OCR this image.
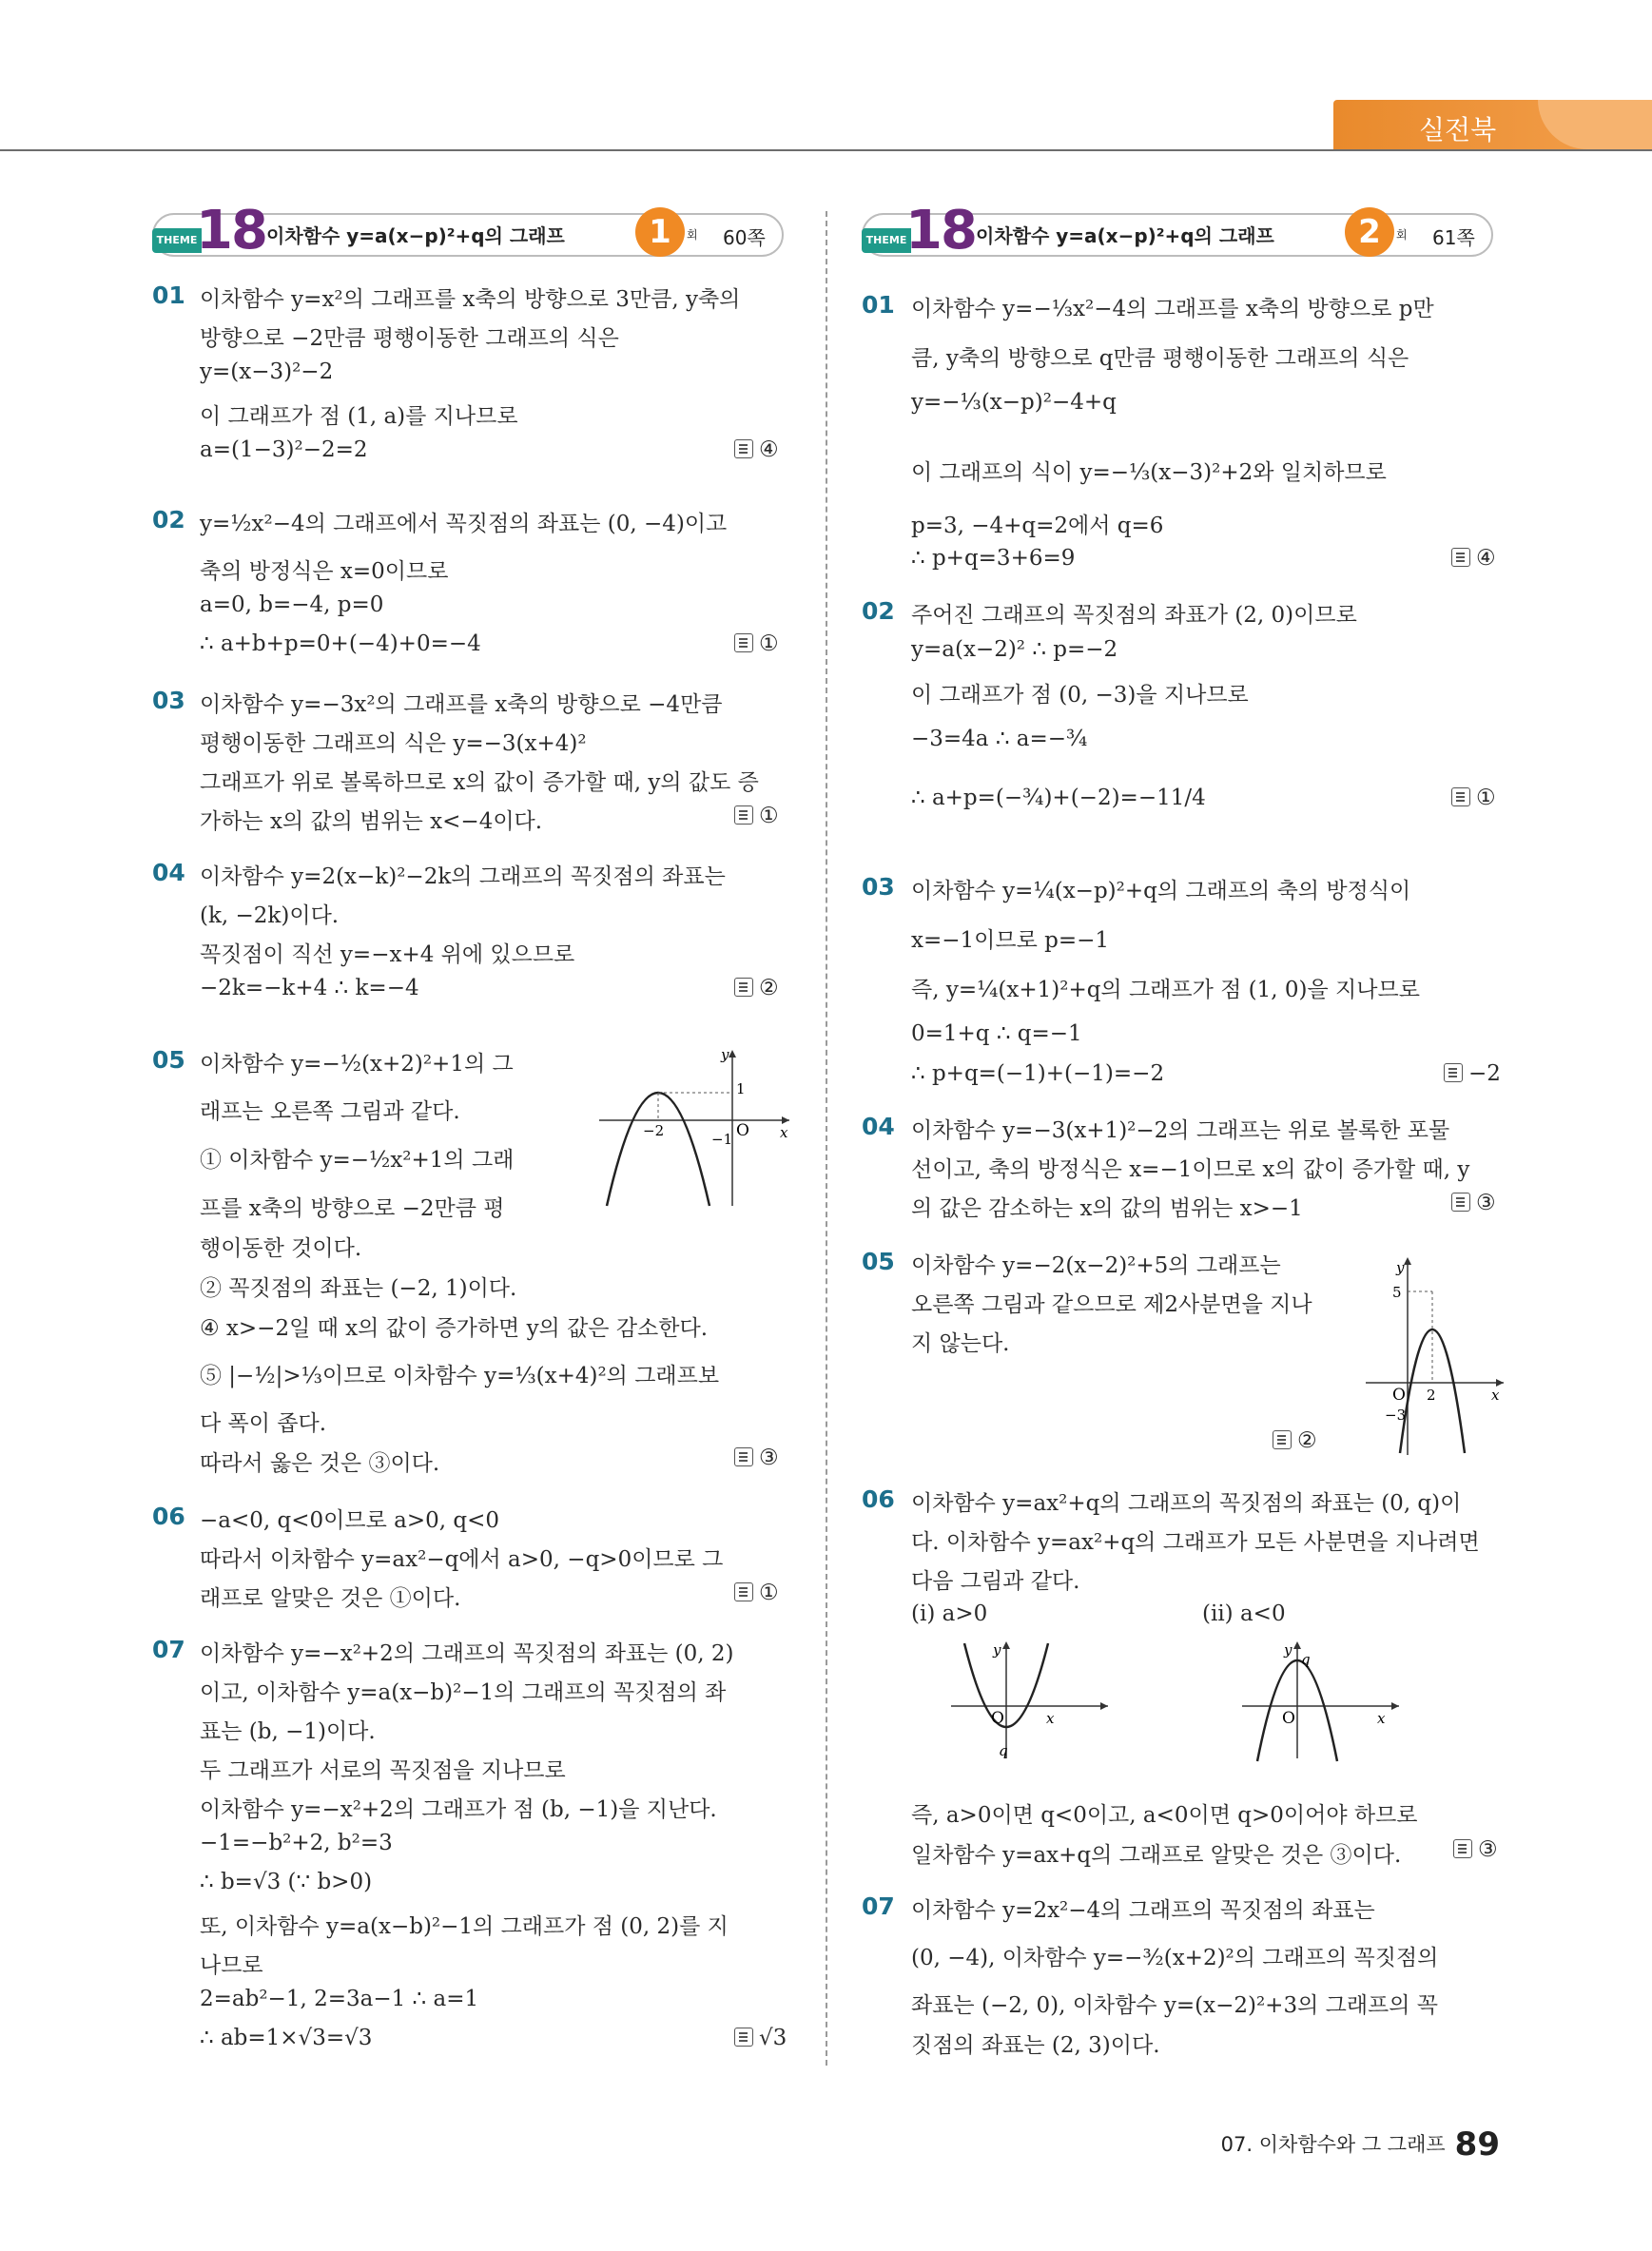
실전북
THEME
18 이차함수 y=a(x−p)²+q의 그래프	1	회 60쪽	THEME
18 이차함수 y=a(x−p)²+q의 그래프	2	회 61쪽
01 이차함수 y=x²의 그래프를 x축의 방향으로 3만큼, y축의
방향으로 −2만큼 평행이동한 그래프의 식은
y=(x−3)²−2
이 그래프가 점 (1, a)를 지나므로
a=(1−3)²−2=2	④
02 y=½x²−4의 그래프에서 꼭짓점의 좌표는 (0, −4)이고
축의 방정식은 x=0이므로
a=0, b=−4, p=0
∴ a+b+p=0+(−4)+0=−4	①
03 이차함수 y=−3x²의 그래프를 x축의 방향으로 −4만큼
평행이동한 그래프의 식은 y=−3(x+4)²
그래프가 위로 볼록하므로 x의 값이 증가할 때, y의 값도 증
가하는 x의 값의 범위는 x<−4이다.	①
04 이차함수 y=2(x−k)²−2k의 그래프의 꼭짓점의 좌표는
(k, −2k)이다.
꼭짓점이 직선 y=−x+4 위에 있으므로
−2k=−k+4 ∴ k=−4	②
05 이차함수 y=−½(x+2)²+1의 그
래프는 오른쪽 그림과 같다.
① 이차함수 y=−½x²+1의 그래
프를 x축의 방향으로 −2만큼 평
행이동한 것이다.
② 꼭짓점의 좌표는 (−2, 1)이다.
④ x>−2일 때 x의 값이 증가하면 y의 값은 감소한다.
⑤ |−½|>⅓이므로 이차함수 y=⅓(x+4)²의 그래프보
다 폭이 좁다.
따라서 옳은 것은 ③이다.	③
y
1
O x
−2	−1
06 −a<0, q<0이므로 a>0, q<0
따라서 이차함수 y=ax²−q에서 a>0, −q>0이므로 그
래프로 알맞은 것은 ①이다.	①
07 이차함수 y=−x²+2의 그래프의 꼭짓점의 좌표는 (0, 2)
이고, 이차함수 y=a(x−b)²−1의 그래프의 꼭짓점의 좌
표는 (b, −1)이다.
두 그래프가 서로의 꼭짓점을 지나므로
이차함수 y=−x²+2의 그래프가 점 (b, −1)을 지난다.
−1=−b²+2, b²=3
∴ b=√3 (∵ b>0)
또, 이차함수 y=a(x−b)²−1의 그래프가 점 (0, 2)를 지
나므로
2=ab²−1, 2=3a−1 ∴ a=1
∴ ab=1×√3=√3	√3
01 이차함수 y=−⅓x²−4의 그래프를 x축의 방향으로 p만
큼, y축의 방향으로 q만큼 평행이동한 그래프의 식은
y=−⅓(x−p)²−4+q
이 그래프의 식이 y=−⅓(x−3)²+2와 일치하므로
p=3, −4+q=2에서 q=6
∴ p+q=3+6=9	④
02 주어진 그래프의 꼭짓점의 좌표가 (2, 0)이므로
y=a(x−2)² ∴ p=−2
이 그래프가 점 (0, −3)을 지나므로
−3=4a ∴ a=−¾
∴ a+p=(−¾)+(−2)=−11/4	①
03 이차함수 y=¼(x−p)²+q의 그래프의 축의 방정식이
x=−1이므로 p=−1
즉, y=¼(x+1)²+q의 그래프가 점 (1, 0)을 지나므로
0=1+q ∴ q=−1
∴ p+q=(−1)+(−1)=−2	−2
04 이차함수 y=−3(x+1)²−2의 그래프는 위로 볼록한 포물
선이고, 축의 방정식은 x=−1이므로 x의 값이 증가할 때, y
의 값은 감소하는 x의 값의 범위는 x>−1	③
05 이차함수 y=−2(x−2)²+5의 그래프는
오른쪽 그림과 같으므로 제2사분면을 지나
지 않는다.
②
y
5
O 2	x
−3
06 이차함수 y=ax²+q의 그래프의 꼭짓점의 좌표는 (0, q)이
다. 이차함수 y=ax²+q의 그래프가 모든 사분면을 지나려면
다음 그림과 같다.
(ⅰ) a>0	(ⅱ) a<0
y
O	x
q
y
q
O	x
즉, a>0이면 q<0이고, a<0이면 q>0이어야 하므로
일차함수 y=ax+q의 그래프로 알맞은 것은 ③이다.	③
07 이차함수 y=2x²−4의 그래프의 꼭짓점의 좌표는
(0, −4), 이차함수 y=−³⁄₂(x+2)²의 그래프의 꼭짓점의
좌표는 (−2, 0), 이차함수 y=(x−2)²+3의 그래프의 꼭
짓점의 좌표는 (2, 3)이다.
07. 이차함수와 그 그래프 89
